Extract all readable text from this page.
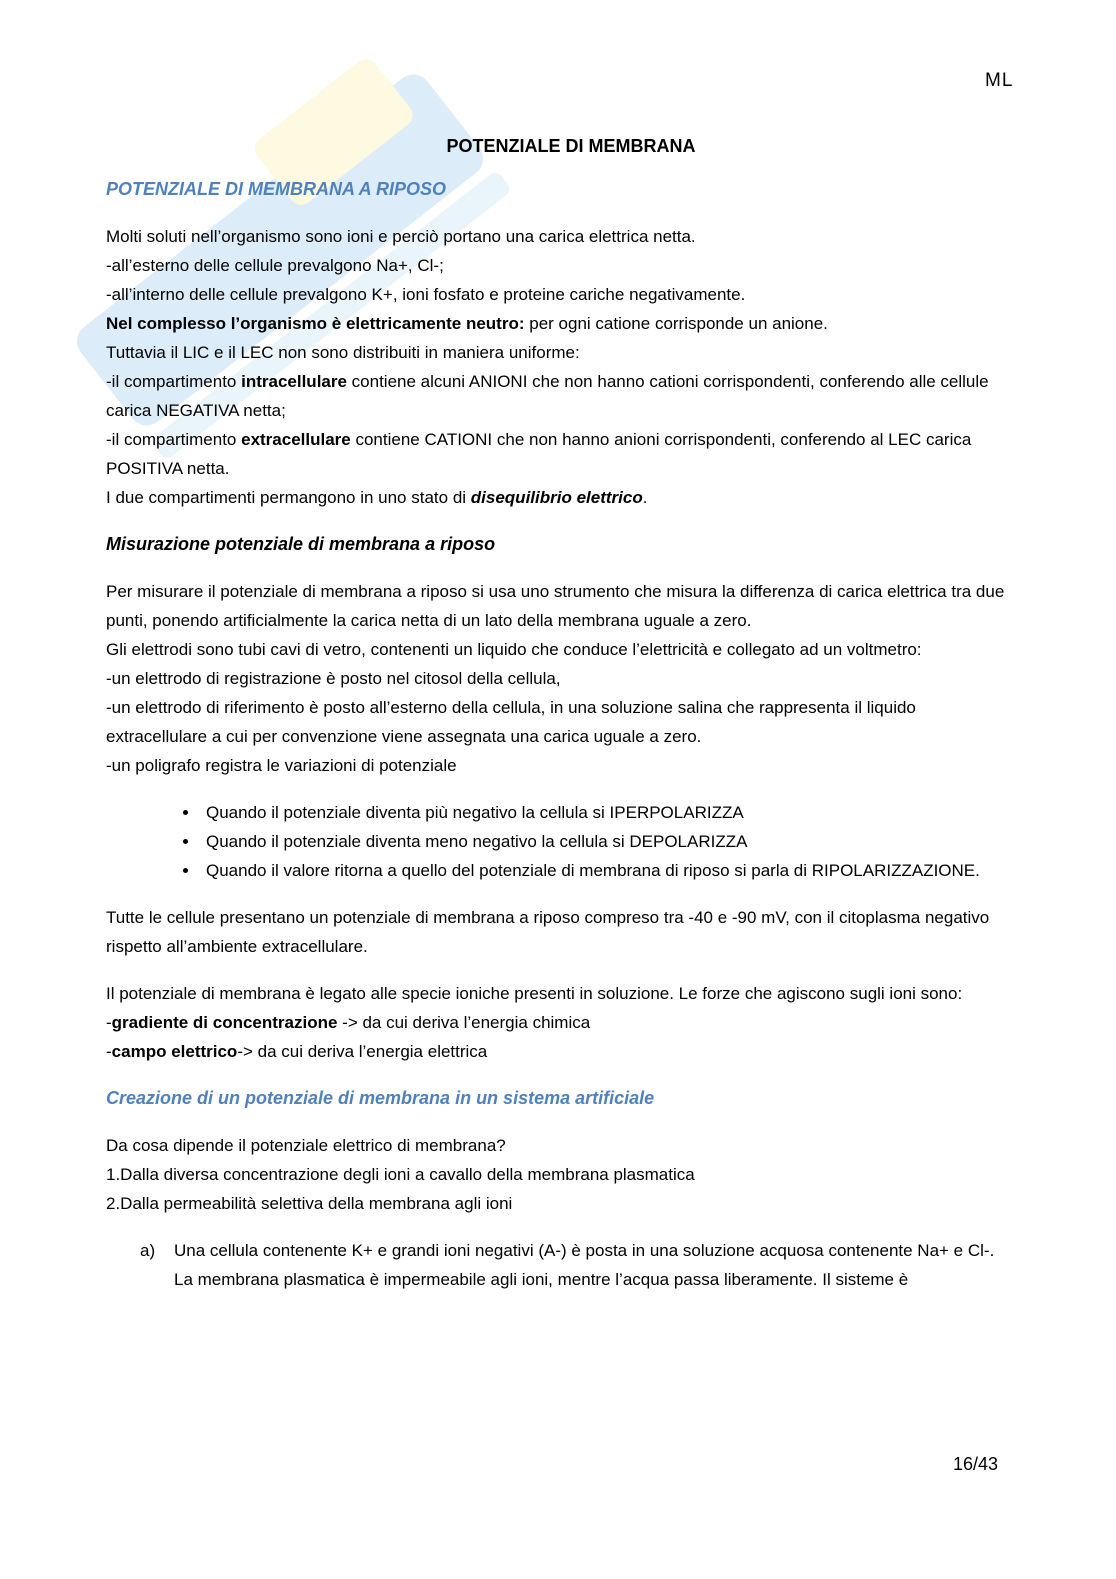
ML
POTENZIALE DI MEMBRANA
POTENZIALE DI MEMBRANA A RIPOSO

Molti soluti nell’organismo sono ioni e perciò portano una carica elettrica netta.
-all’esterno delle cellule prevalgono Na+, Cl-;
-all’interno delle cellule prevalgono K+, ioni fosfato e proteine cariche negativamente.
Nel complesso l’organismo è elettricamente neutro: per ogni catione corrisponde un anione.
Tuttavia il LIC e il LEC non sono distribuiti in maniera uniforme:
-il compartimento intracellulare contiene alcuni ANIONI che non hanno cationi corrispondenti, conferendo alle cellule carica NEGATIVA netta;
-il compartimento extracellulare contiene CATIONI che non hanno anioni corrispondenti, conferendo al LEC carica POSITIVA netta.
I due compartimenti permangono in uno stato di disequilibrio elettrico.

Misurazione potenziale di membrana a riposo

Per misurare il potenziale di membrana a riposo si usa uno strumento che misura la differenza di carica elettrica tra due punti, ponendo artificialmente la carica netta di un lato della membrana uguale a zero.
Gli elettrodi sono tubi cavi di vetro, contenenti un liquido che conduce l’elettricità e collegato ad un voltmetro:
-un elettrodo di registrazione è posto nel citosol della cellula,
-un elettrodo di riferimento è posto all’esterno della cellula, in una soluzione salina che rappresenta il liquido extracellulare a cui per convenzione viene assegnata una carica uguale a zero.
-un poligrafo registra le variazioni di potenziale

• Quando il potenziale diventa più negativo la cellula si IPERPOLARIZZA
• Quando il potenziale diventa meno negativo la cellula si DEPOLARIZZA
• Quando il valore ritorna a quello del potenziale di membrana di riposo si parla di RIPOLARIZZAZIONE.

Tutte le cellule presentano un potenziale di membrana a riposo compreso tra -40 e -90 mV, con il citoplasma negativo rispetto all’ambiente extracellulare.

Il potenziale di membrana è legato alle specie ioniche presenti in soluzione. Le forze che agiscono sugli ioni sono:
-gradiente di concentrazione -> da cui deriva l’energia chimica
-campo elettrico-> da cui deriva l’energia elettrica

Creazione di un potenziale di membrana in un sistema artificiale

Da cosa dipende il potenziale elettrico di membrana?
1.Dalla diversa concentrazione degli ioni a cavallo della membrana plasmatica
2.Dalla permeabilità selettiva della membrana agli ioni

a) Una cellula contenente K+ e grandi ioni negativi (A-) è posta in una soluzione acquosa contenente Na+ e Cl-. La membrana plasmatica è impermeabile agli ioni, mentre l’acqua passa liberamente. Il sisteme è
16/43
